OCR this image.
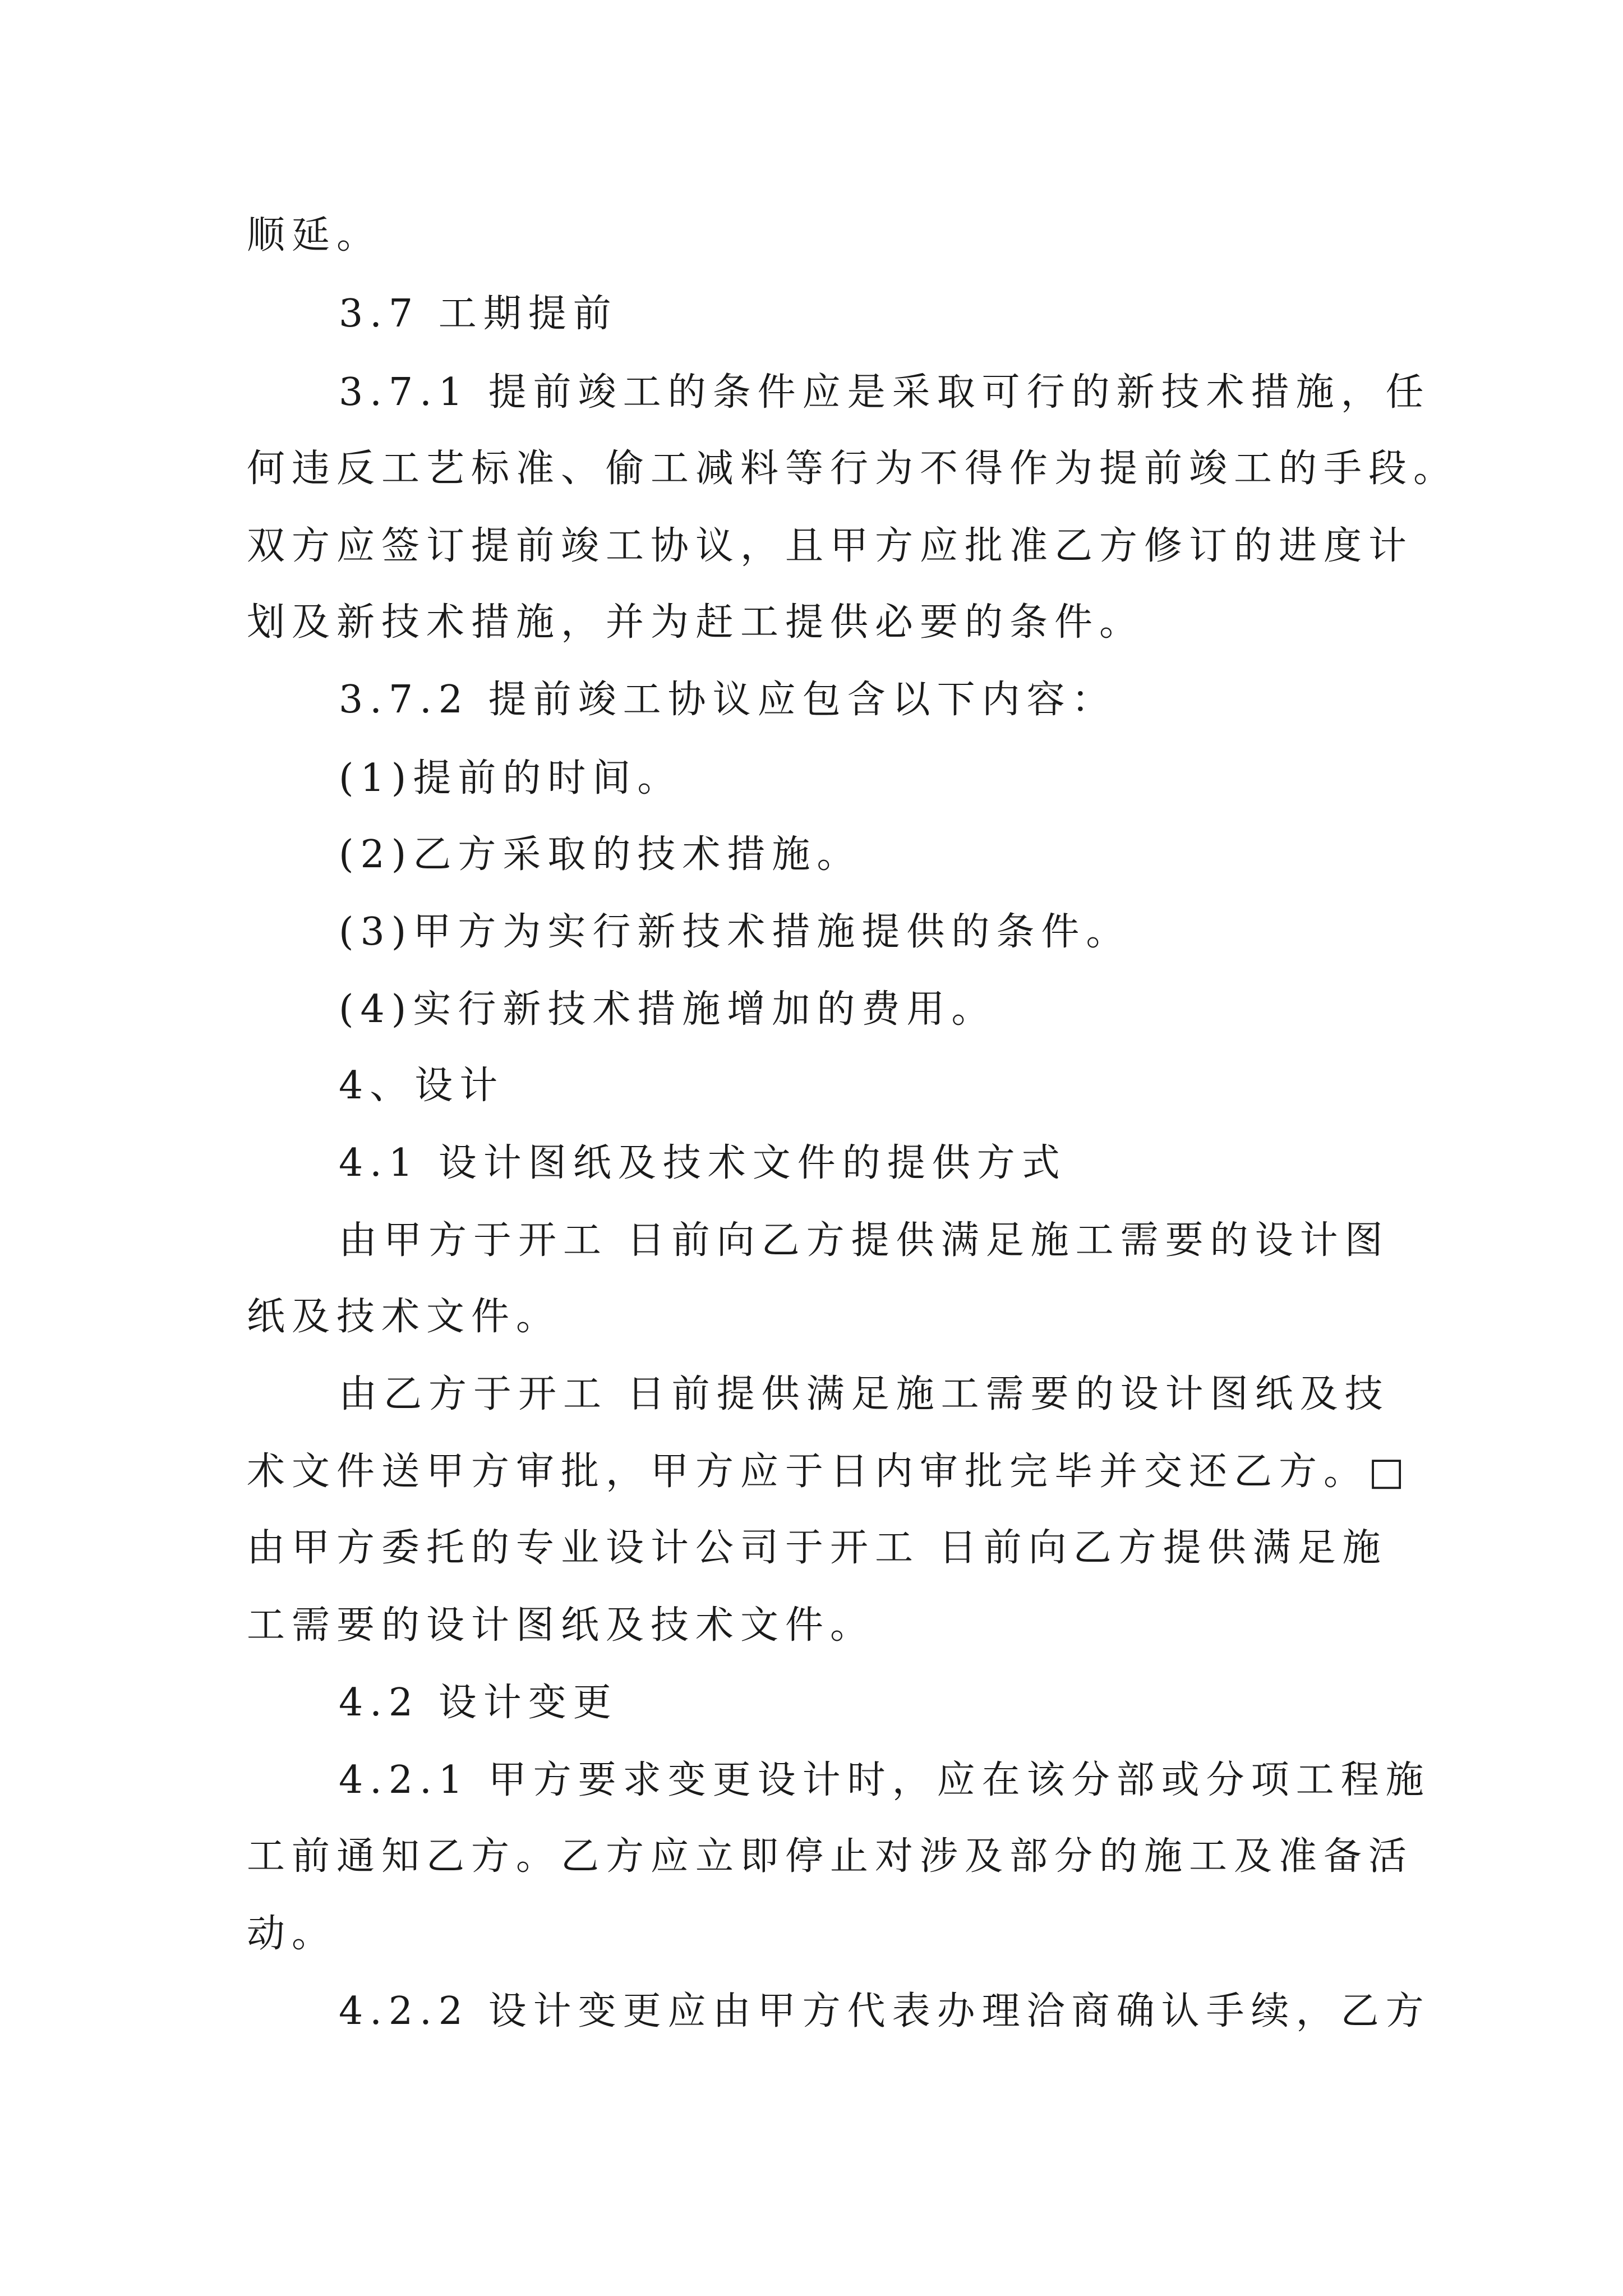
顺延。
3.7 工期提前
3.7.1 提前竣工的条件应是采取可行的新技术措施，任
何违反工艺标准、偷工减料等行为不得作为提前竣工的手段。
双方应签订提前竣工协议，且甲方应批准乙方修订的进度计
划及新技术措施，并为赶工提供必要的条件。
3.7.2 提前竣工协议应包含以下内容：
(1)提前的时间。
(2)乙方采取的技术措施。
(3)甲方为实行新技术措施提供的条件。
(4)实行新技术措施增加的费用。
4、设计
4.1 设计图纸及技术文件的提供方式
由甲方于开工 日前向乙方提供满足施工需要的设计图
纸及技术文件。
由乙方于开工 日前提供满足施工需要的设计图纸及技
术文件送甲方审批，甲方应于日内审批完毕并交还乙方。□
由甲方委托的专业设计公司于开工 日前向乙方提供满足施
工需要的设计图纸及技术文件。
4.2 设计变更
4.2.1 甲方要求变更设计时，应在该分部或分项工程施
工前通知乙方。乙方应立即停止对涉及部分的施工及准备活
动。
4.2.2 设计变更应由甲方代表办理洽商确认手续，乙方
